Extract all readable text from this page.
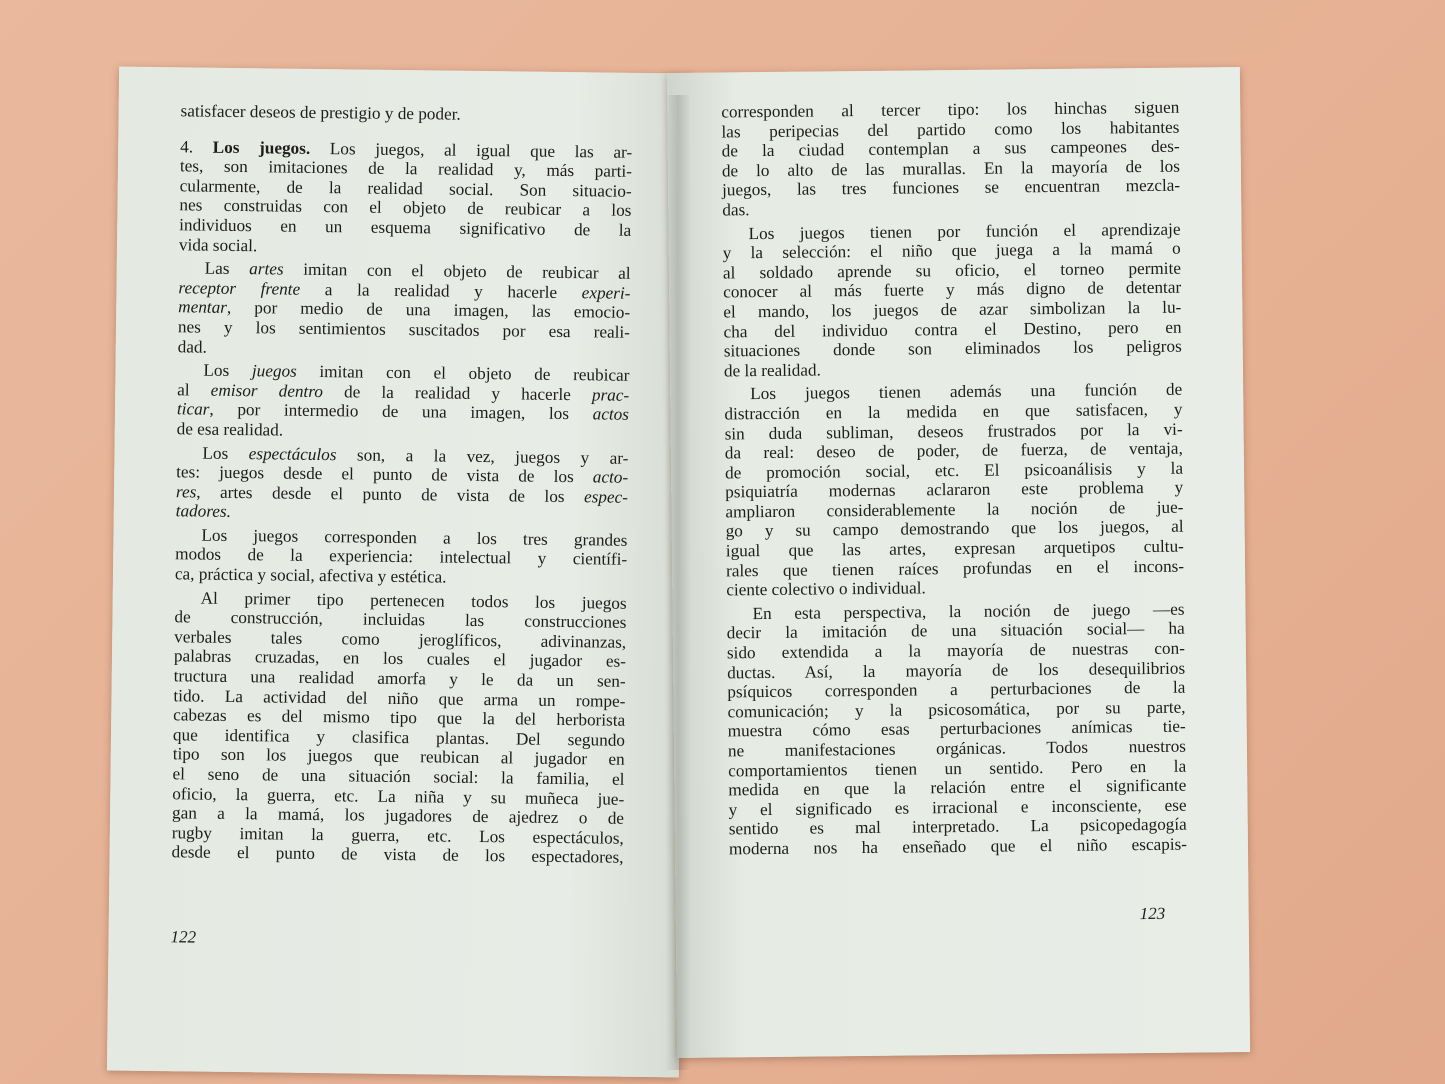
satisfacer deseos de prestigio y de poder.
4. Los juegos. Los juegos, al igual que las ar-
tes, son imitaciones de la realidad y, más parti-
cularmente, de la realidad social. Son situacio-
nes construidas con el objeto de reubicar a los
individuos en un esquema significativo de la
vida social.
Las artes imitan con el objeto de reubicar al
receptor frente a la realidad y hacerle experi-
mentar, por medio de una imagen, las emocio-
nes y los sentimientos suscitados por esa reali-
dad.
Los juegos imitan con el objeto de reubicar
al emisor dentro de la realidad y hacerle prac-
ticar, por intermedio de una imagen, los actos
de esa realidad.
Los espectáculos son, a la vez, juegos y ar-
tes: juegos desde el punto de vista de los acto-
res, artes desde el punto de vista de los espec-
tadores.
Los juegos corresponden a los tres grandes
modos de la experiencia: intelectual y científi-
ca, práctica y social, afectiva y estética.
Al primer tipo pertenecen todos los juegos
de construcción, incluidas las construcciones
verbales tales como jeroglíficos, adivinanzas,
palabras cruzadas, en los cuales el jugador es-
tructura una realidad amorfa y le da un sen-
tido. La actividad del niño que arma un rompe-
cabezas es del mismo tipo que la del herborista
que identifica y clasifica plantas. Del segundo
tipo son los juegos que reubican al jugador en
el seno de una situación social: la familia, el
oficio, la guerra, etc. La niña y su muñeca jue-
gan a la mamá, los jugadores de ajedrez o de
rugby imitan la guerra, etc. Los espectáculos,
desde el punto de vista de los espectadores,
122
corresponden al tercer tipo: los hinchas siguen
las peripecias del partido como los habitantes
de la ciudad contemplan a sus campeones des-
de lo alto de las murallas. En la mayoría de los
juegos, las tres funciones se encuentran mezcla-
das.
Los juegos tienen por función el aprendizaje
y la selección: el niño que juega a la mamá o
al soldado aprende su oficio, el torneo permite
conocer al más fuerte y más digno de detentar
el mando, los juegos de azar simbolizan la lu-
cha del individuo contra el Destino, pero en
situaciones donde son eliminados los peligros
de la realidad.
Los juegos tienen además una función de
distracción en la medida en que satisfacen, y
sin duda subliman, deseos frustrados por la vi-
da real: deseo de poder, de fuerza, de ventaja,
de promoción social, etc. El psicoanálisis y la
psiquiatría modernas aclararon este problema y
ampliaron considerablemente la noción de jue-
go y su campo demostrando que los juegos, al
igual que las artes, expresan arquetipos cultu-
rales que tienen raíces profundas en el incons-
ciente colectivo o individual.
En esta perspectiva, la noción de juego —es
decir la imitación de una situación social— ha
sido extendida a la mayoría de nuestras con-
ductas. Así, la mayoría de los desequilibrios
psíquicos corresponden a perturbaciones de la
comunicación; y la psicosomática, por su parte,
muestra cómo esas perturbaciones anímicas tie-
ne manifestaciones orgánicas. Todos nuestros
comportamientos tienen un sentido. Pero en la
medida en que la relación entre el significante
y el significado es irracional e inconsciente, ese
sentido es mal interpretado. La psicopedagogía
moderna nos ha enseñado que el niño escapis-
123
